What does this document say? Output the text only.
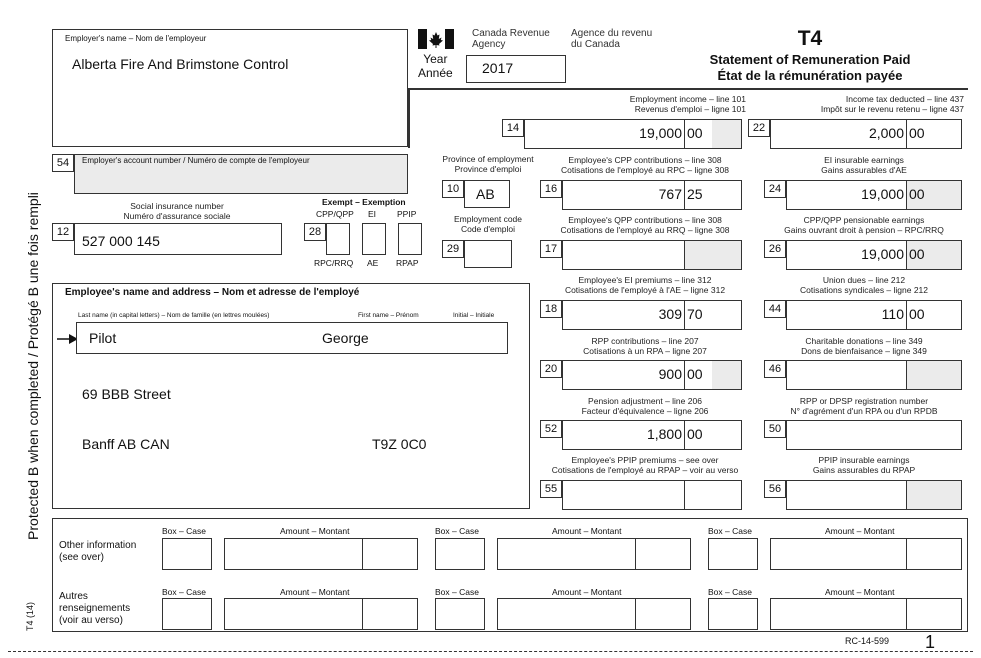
Employer's name – Nom de l'employeur
Alberta Fire And Brimstone Control
Canada Revenue
Agency
Agence du revenu
du Canada
Year
Année 2017
T4
Statement of Remuneration Paid
État de la rémunération payée
Protected B when completed / Protégé B une fois rempli
T4 (14)
54	Employer's account number / Numéro de compte de l'employeur
Social insurance number
Numéro d'assurance sociale
12
527 000 145
Exempt – Exemption
CPP/QPP EI PPIP
28
RPC/RRQ AE RPAP
Employee's name and address – Nom et adresse de l'employé
Last name (in capital letters) – Nom de famille (en lettres moulées)	First name – Prénom	Initial – Initiale
Pilot	George
69 BBB Street
Banff AB CAN	T9Z 0C0
Province of employment
Province d'emploi
10	AB
Employment code
Code d'emploi
29
Employment income – line 101
Revenus d'emploi – ligne 101
14	19,000 00
Income tax deducted – line 437
Impôt sur le revenu retenu – ligne 437
22	2,000 00
Employee's CPP contributions – line 308
Cotisations de l'employé au RPC – ligne 308
16	767 25
EI insurable earnings
Gains assurables d'AE
24	19,000 00
Employee's QPP contributions – line 308
Cotisations de l'employé au RRQ – ligne 308
17
CPP/QPP pensionable earnings
Gains ouvrant droit à pension – RPC/RRQ
26	19,000 00
Employee's EI premiums – line 312
Cotisations de l'employé à l'AE – ligne 312
18	309 70
Union dues – line 212
Cotisations syndicales – ligne 212
44	110 00
RPP contributions – line 207
Cotisations à un RPA – ligne 207
20	900 00
Charitable donations – line 349
Dons de bienfaisance – ligne 349
46
Pension adjustment – line 206
Facteur d'équivalence – ligne 206
52	1,800 00
RPP or DPSP registration number
N° d'agrément d'un RPA ou d'un RPDB
50
Employee's PPIP premiums – see over
Cotisations de l'employé au RPAP – voir au verso
55
PPIP insurable earnings
Gains assurables du RPAP
56
Other information
(see over)
Autres
renseignements
(voir au verso)
Box – Case	Amount – Montant	Box – Case	Amount – Montant	Box – Case	Amount – Montant
Box – Case	Amount – Montant	Box – Case	Amount – Montant	Box – Case	Amount – Montant
RC-14-599 1
